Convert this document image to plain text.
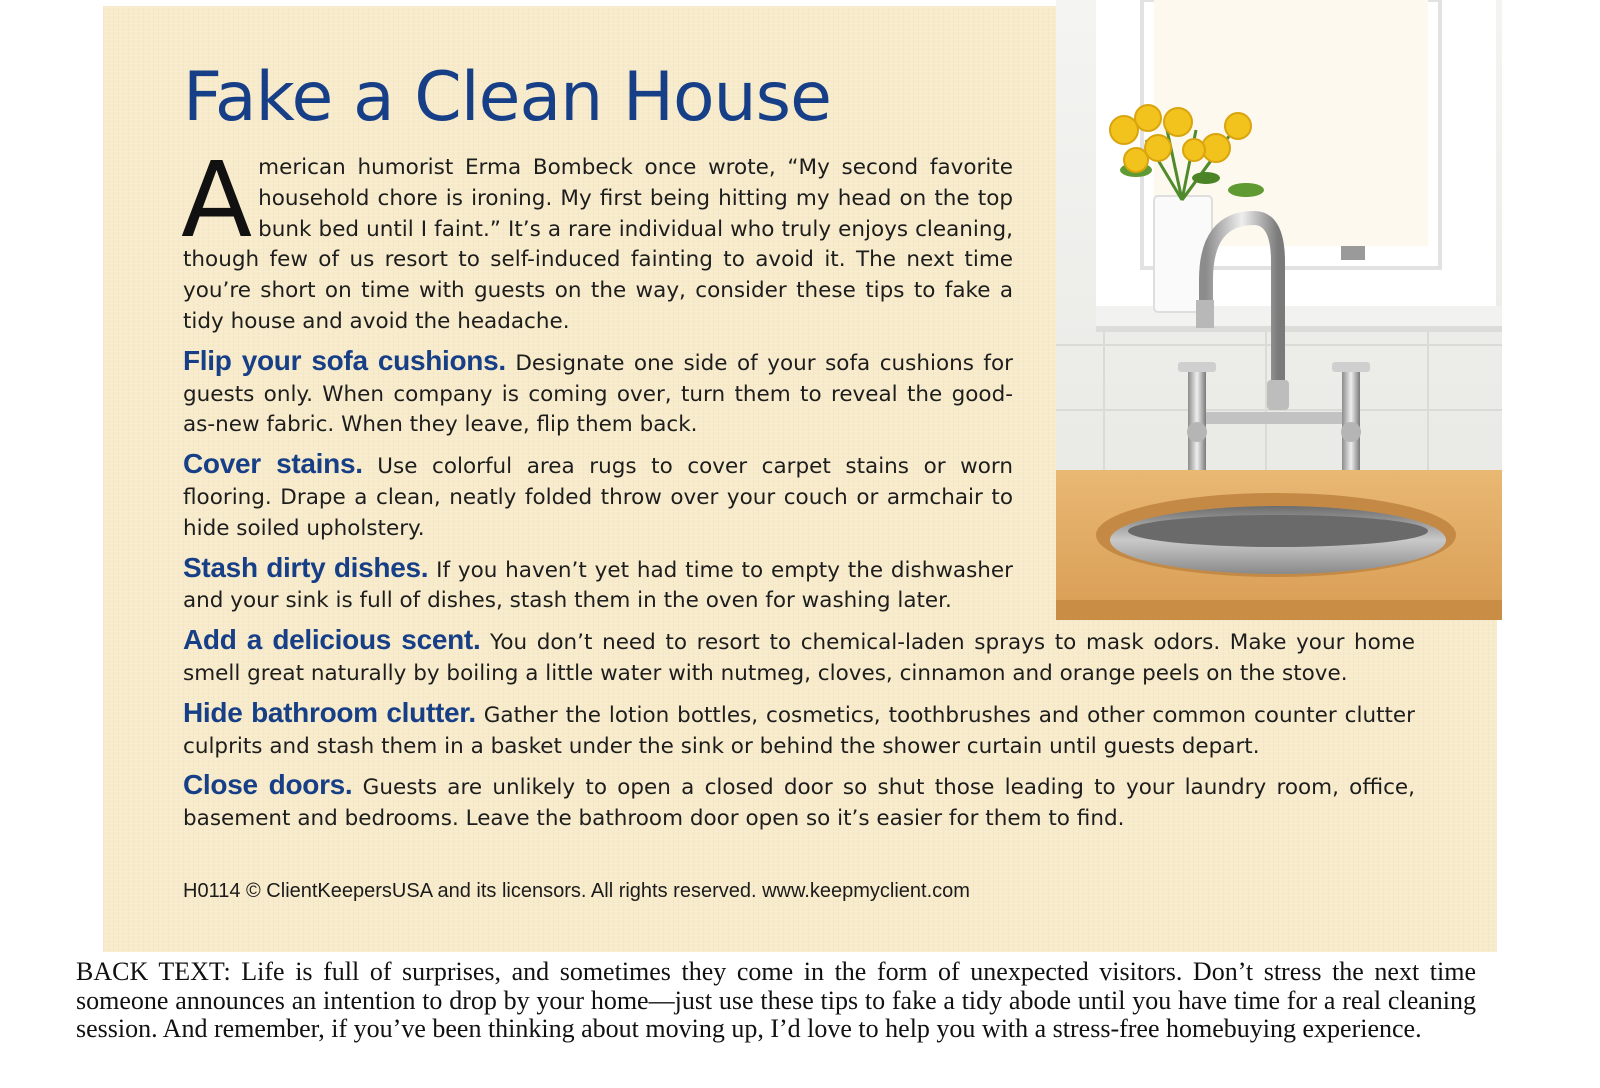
Fake a Clean House

American humorist Erma Bombeck once wrote, “My second favorite household chore is ironing. My first being hitting my head on the top bunk bed until I faint.” It’s a rare individual who truly enjoys cleaning, though few of us resort to self-induced fainting to avoid it. The next time you’re short on time with guests on the way, consider these tips to fake a tidy house and avoid the headache.

Flip your sofa cushions. Designate one side of your sofa cushions for guests only. When company is coming over, turn them to reveal the good-as-new fabric. When they leave, flip them back.

Cover stains. Use colorful area rugs to cover carpet stains or worn flooring. Drape a clean, neatly folded throw over your couch or armchair to hide soiled upholstery.

Stash dirty dishes. If you haven’t yet had time to empty the dishwasher and your sink is full of dishes, stash them in the oven for washing later.

Add a delicious scent. You don’t need to resort to chemical-laden sprays to mask odors. Make your home smell great naturally by boiling a little water with nutmeg, cloves, cinnamon and orange peels on the stove.

Hide bathroom clutter. Gather the lotion bottles, cosmetics, toothbrushes and other common counter clutter culprits and stash them in a basket under the sink or behind the shower curtain until guests depart.

Close doors. Guests are unlikely to open a closed door so shut those leading to your laundry room, office, basement and bedrooms. Leave the bathroom door open so it’s easier for them to find.

H0114 © ClientKeepersUSA and its licensors. All rights reserved. www.keepmyclient.com
BACK TEXT: Life is full of surprises, and sometimes they come in the form of unexpected visitors. Don’t stress the next time someone announces an intention to drop by your home—just use these tips to fake a tidy abode until you have time for a real cleaning session. And remember, if you’ve been thinking about moving up, I’d love to help you with a stress-free homebuying experience.
